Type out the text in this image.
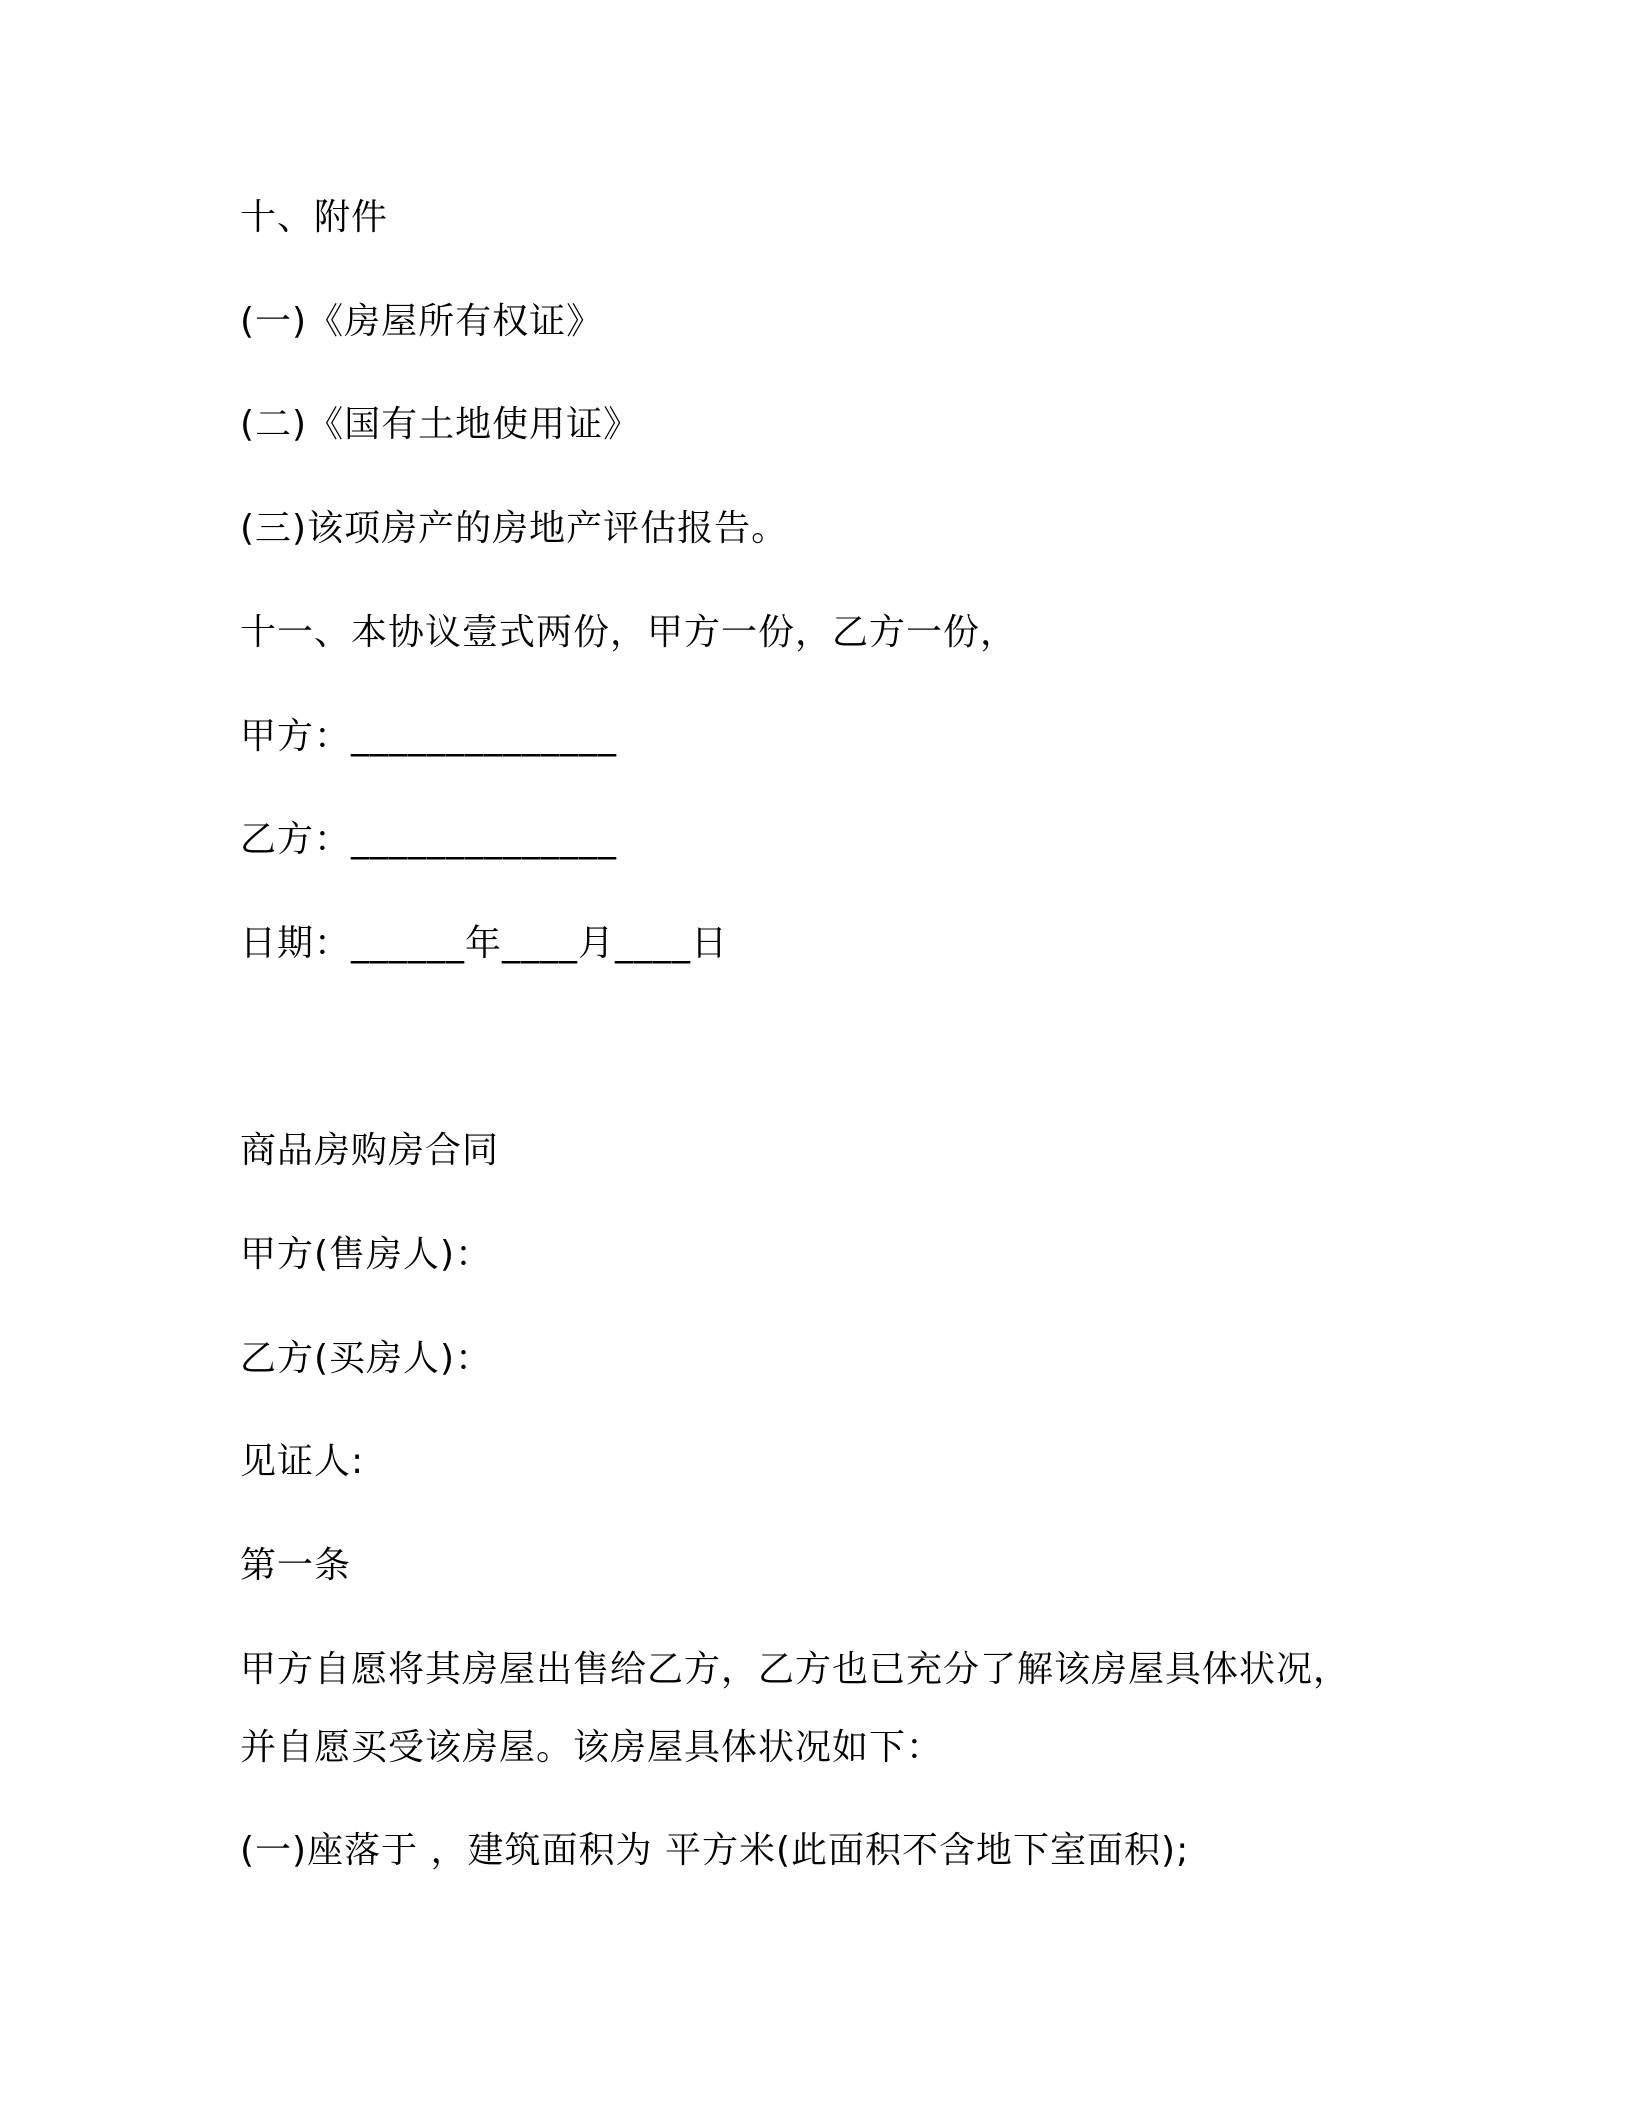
十、附件
(一)《房屋所有权证》
(二)《国有土地使用证》
(三)该项房产的房地产评估报告。
十一、本协议壹式两份，甲方一份，乙方一份，
甲方：______________
乙方：______________
日期：______年____月____日
商品房购房合同
甲方(售房人)：
乙方(买房人)：
见证人:
第一条
甲方自愿将其房屋出售给乙方，乙方也已充分了解该房屋具体状况，
并自愿买受该房屋。该房屋具体状况如下：
(一)座落于 ，建筑面积为 平方米(此面积不含地下室面积);
